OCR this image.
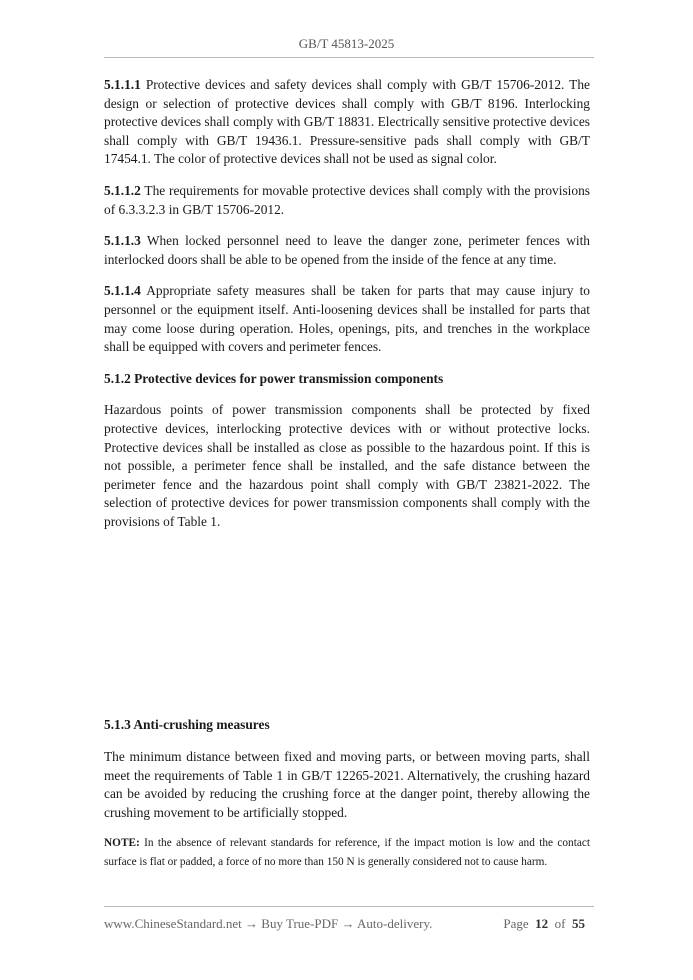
GB/T 45813-2025

5.1.1.1 Protective devices and safety devices shall comply with GB/T 15706-2012. The design or selection of protective devices shall comply with GB/T 8196. Interlocking protective devices shall comply with GB/T 18831. Electrically sensitive protective devices shall comply with GB/T 19436.1. Pressure-sensitive pads shall comply with GB/T 17454.1. The color of protective devices shall not be used as signal color.

5.1.1.2 The requirements for movable protective devices shall comply with the provisions of 6.3.3.2.3 in GB/T 15706-2012.

5.1.1.3 When locked personnel need to leave the danger zone, perimeter fences with interlocked doors shall be able to be opened from the inside of the fence at any time.

5.1.1.4 Appropriate safety measures shall be taken for parts that may cause injury to personnel or the equipment itself. Anti-loosening devices shall be installed for parts that may come loose during operation. Holes, openings, pits, and trenches in the workplace shall be equipped with covers and perimeter fences.

5.1.2 Protective devices for power transmission components

Hazardous points of power transmission components shall be protected by fixed protective devices, interlocking protective devices with or without protective locks. Protective devices shall be installed as close as possible to the hazardous point. If this is not possible, a perimeter fence shall be installed, and the safe distance between the perimeter fence and the hazardous point shall comply with GB/T 23821-2022. The selection of protective devices for power transmission components shall comply with the provisions of Table 1.

5.1.3 Anti-crushing measures

The minimum distance between fixed and moving parts, or between moving parts, shall meet the requirements of Table 1 in GB/T 12265-2021. Alternatively, the crushing hazard can be avoided by reducing the crushing force at the danger point, thereby allowing the crushing movement to be artificially stopped.

NOTE: In the absence of relevant standards for reference, if the impact motion is low and the contact surface is flat or padded, a force of no more than 150 N is generally considered not to cause harm.

www.ChineseStandard.net → Buy True-PDF → Auto-delivery.	Page 12 of 55
